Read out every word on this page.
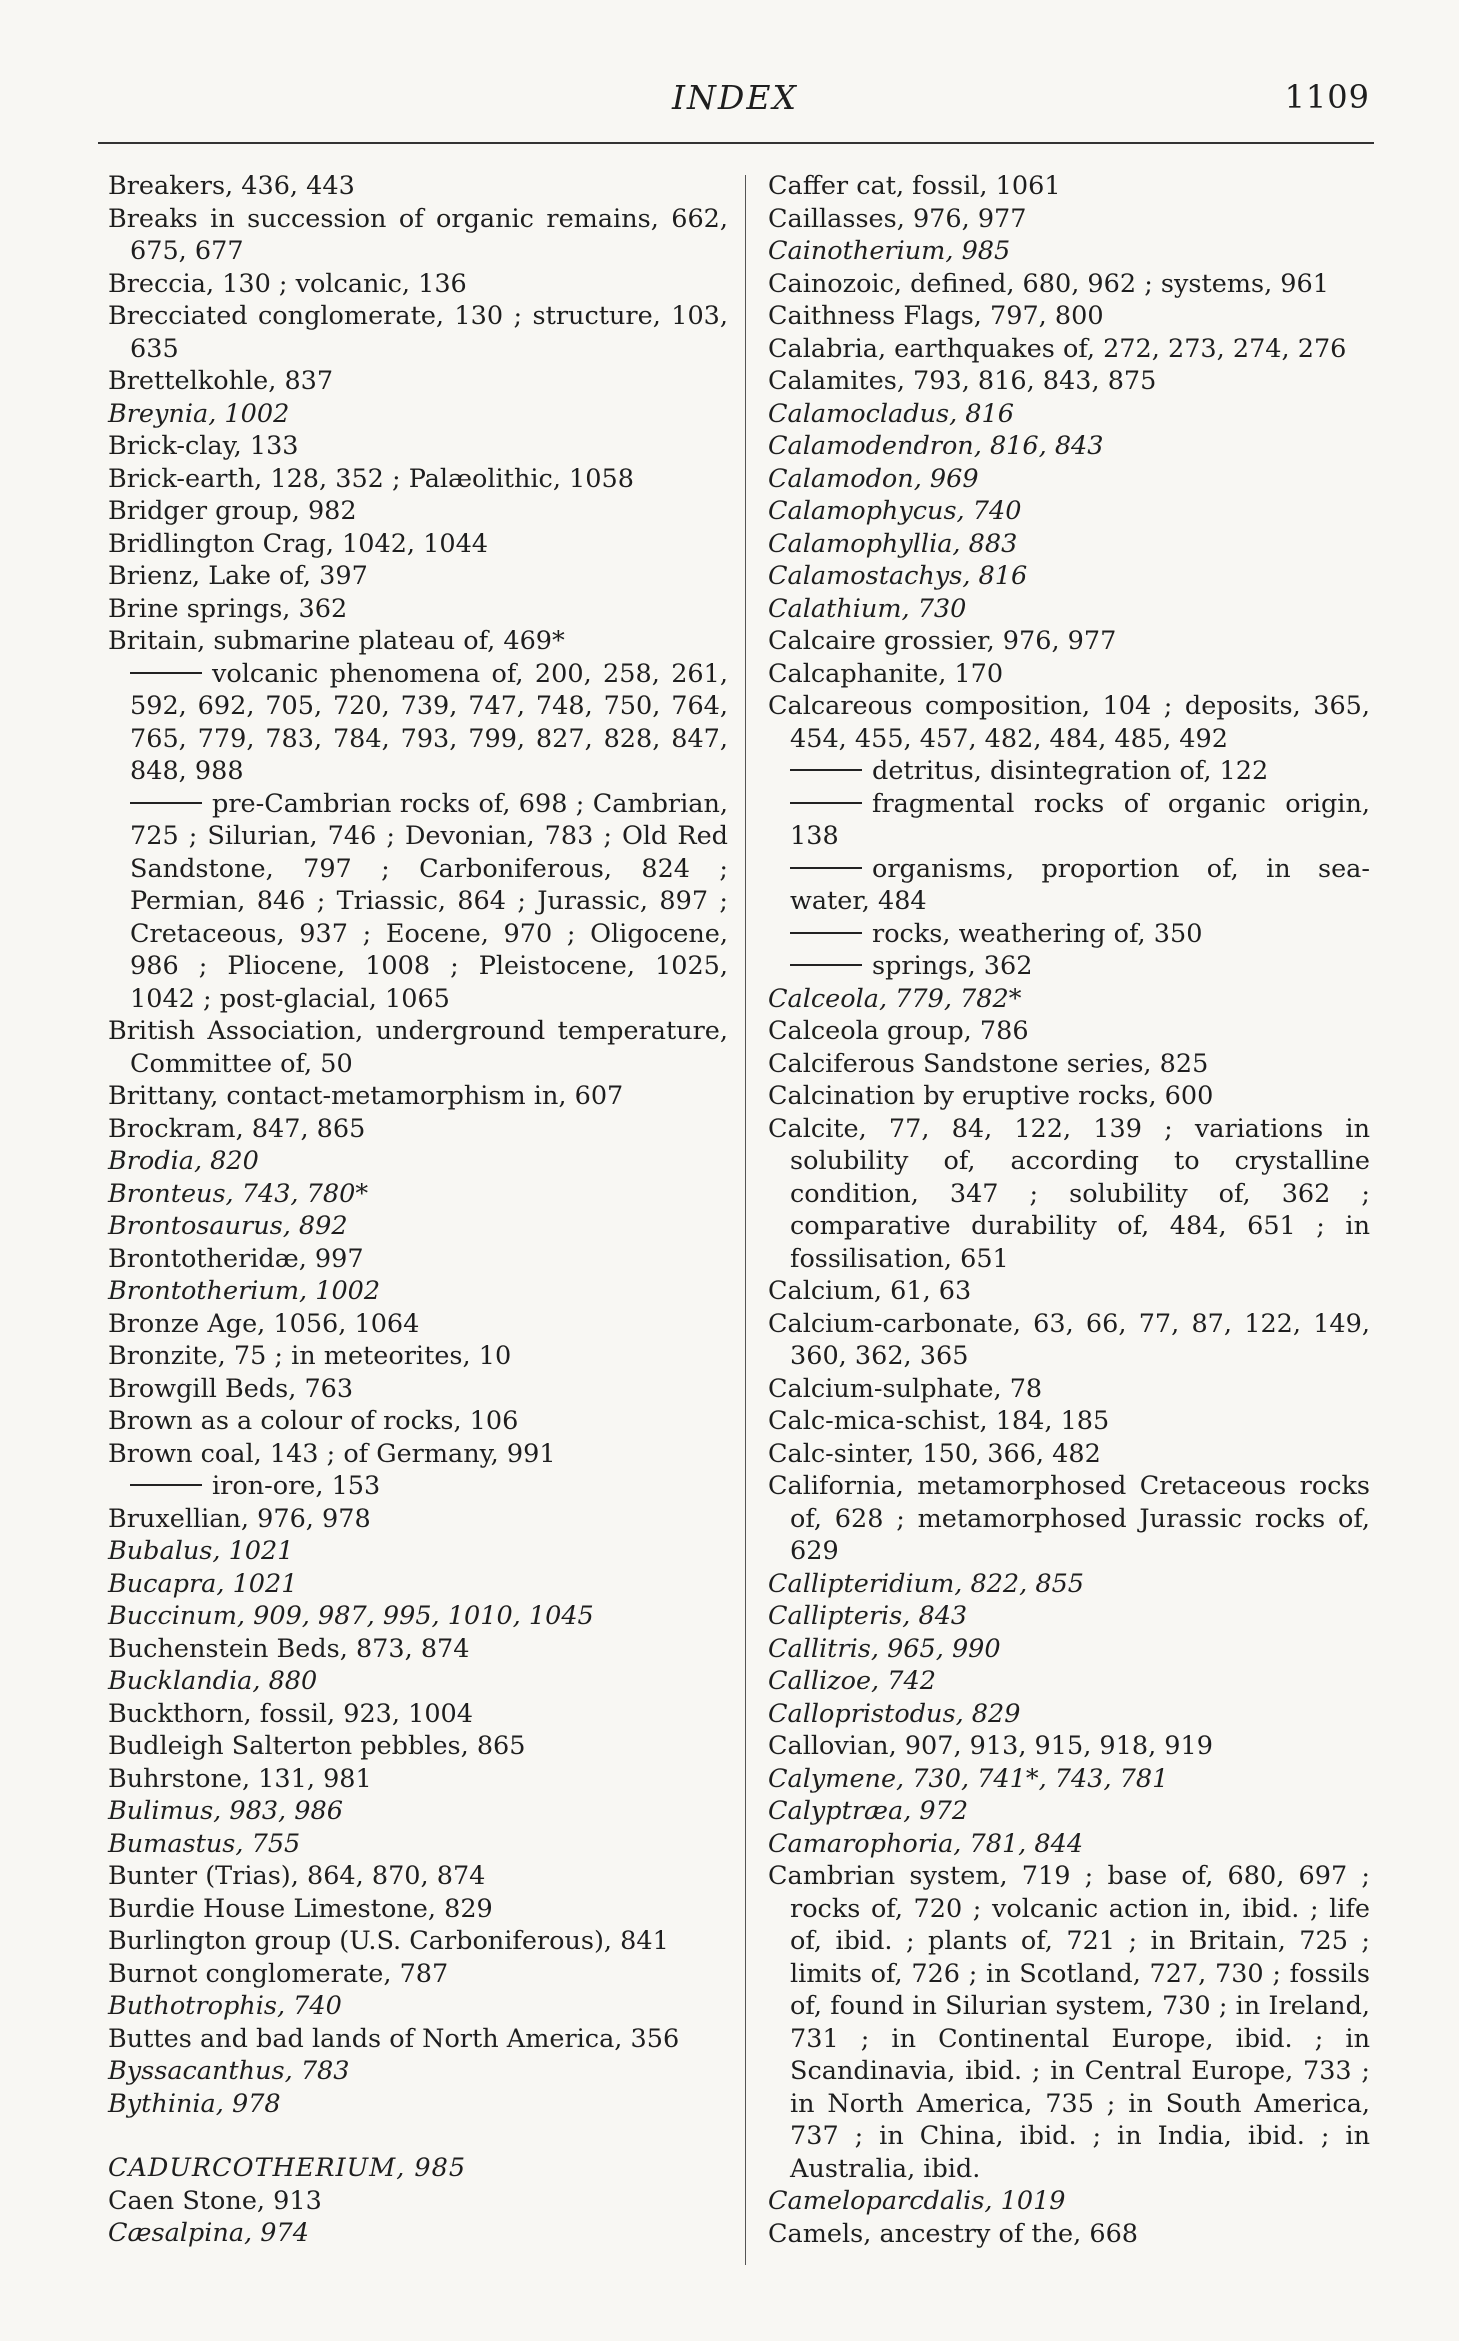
INDEX	1109
Breakers, 436, 443
Breaks in succession of organic remains, 662, 675, 677
Breccia, 130 ; volcanic, 136
Brecciated conglomerate, 130 ; structure, 103, 635
Brettelkohle, 837
Breynia, 1002
Brick-clay, 133
Brick-earth, 128, 352 ; Palæolithic, 1058
Bridger group, 982
Bridlington Crag, 1042, 1044
Brienz, Lake of, 397
Brine springs, 362
Britain, submarine plateau of, 469*
volcanic phenomena of, 200, 258, 261, 592, 692, 705, 720, 739, 747, 748, 750, 764, 765, 779, 783, 784, 793, 799, 827, 828, 847, 848, 988
pre-Cambrian rocks of, 698 ; Cambrian, 725 ; Silurian, 746 ; Devonian, 783 ; Old Red Sandstone, 797 ; Carboniferous, 824 ; Permian, 846 ; Triassic, 864 ; Jurassic, 897 ; Cretaceous, 937 ; Eocene, 970 ; Oligocene, 986 ; Pliocene, 1008 ; Pleistocene, 1025, 1042 ; post-glacial, 1065
British Association, underground temperature, Committee of, 50
Brittany, contact-metamorphism in, 607
Brockram, 847, 865
Brodia, 820
Bronteus, 743, 780*
Brontosaurus, 892
Brontotheridæ, 997
Brontotherium, 1002
Bronze Age, 1056, 1064
Bronzite, 75 ; in meteorites, 10
Browgill Beds, 763
Brown as a colour of rocks, 106
Brown coal, 143 ; of Germany, 991
iron-ore, 153
Bruxellian, 976, 978
Bubalus, 1021
Bucapra, 1021
Buccinum, 909, 987, 995, 1010, 1045
Buchenstein Beds, 873, 874
Bucklandia, 880
Buckthorn, fossil, 923, 1004
Budleigh Salterton pebbles, 865
Buhrstone, 131, 981
Bulimus, 983, 986
Bumastus, 755
Bunter (Trias), 864, 870, 874
Burdie House Limestone, 829
Burlington group (U.S. Carboniferous), 841
Burnot conglomerate, 787
Buthotrophis, 740
Buttes and bad lands of North America, 356
Byssacanthus, 783
Bythinia, 978
CADURCOTHERIUM, 985
Caen Stone, 913
Cæsalpina, 974
Caffer cat, fossil, 1061
Caillasses, 976, 977
Cainotherium, 985
Cainozoic, defined, 680, 962 ; systems, 961
Caithness Flags, 797, 800
Calabria, earthquakes of, 272, 273, 274, 276
Calamites, 793, 816, 843, 875
Calamocladus, 816
Calamodendron, 816, 843
Calamodon, 969
Calamophycus, 740
Calamophyllia, 883
Calamostachys, 816
Calathium, 730
Calcaire grossier, 976, 977
Calcaphanite, 170
Calcareous composition, 104 ; deposits, 365, 454, 455, 457, 482, 484, 485, 492
detritus, disintegration of, 122
fragmental rocks of organic origin, 138
organisms, proportion of, in sea-water, 484
rocks, weathering of, 350
springs, 362
Calceola, 779, 782*
Calceola group, 786
Calciferous Sandstone series, 825
Calcination by eruptive rocks, 600
Calcite, 77, 84, 122, 139 ; variations in solubility of, according to crystalline condition, 347 ; solubility of, 362 ; comparative durability of, 484, 651 ; in fossilisation, 651
Calcium, 61, 63
Calcium-carbonate, 63, 66, 77, 87, 122, 149, 360, 362, 365
Calcium-sulphate, 78
Calc-mica-schist, 184, 185
Calc-sinter, 150, 366, 482
California, metamorphosed Cretaceous rocks of, 628 ; metamorphosed Jurassic rocks of, 629
Callipteridium, 822, 855
Callipteris, 843
Callitris, 965, 990
Callizoe, 742
Callopristodus, 829
Callovian, 907, 913, 915, 918, 919
Calymene, 730, 741*, 743, 781
Calyptræa, 972
Camarophoria, 781, 844
Cambrian system, 719 ; base of, 680, 697 ; rocks of, 720 ; volcanic action in, ibid. ; life of, ibid. ; plants of, 721 ; in Britain, 725 ; limits of, 726 ; in Scotland, 727, 730 ; fossils of, found in Silurian system, 730 ; in Ireland, 731 ; in Continental Europe, ibid. ; in Scandinavia, ibid. ; in Central Europe, 733 ; in North America, 735 ; in South America, 737 ; in China, ibid. ; in India, ibid. ; in Australia, ibid.
Cameloparcdalis, 1019
Camels, ancestry of the, 668
